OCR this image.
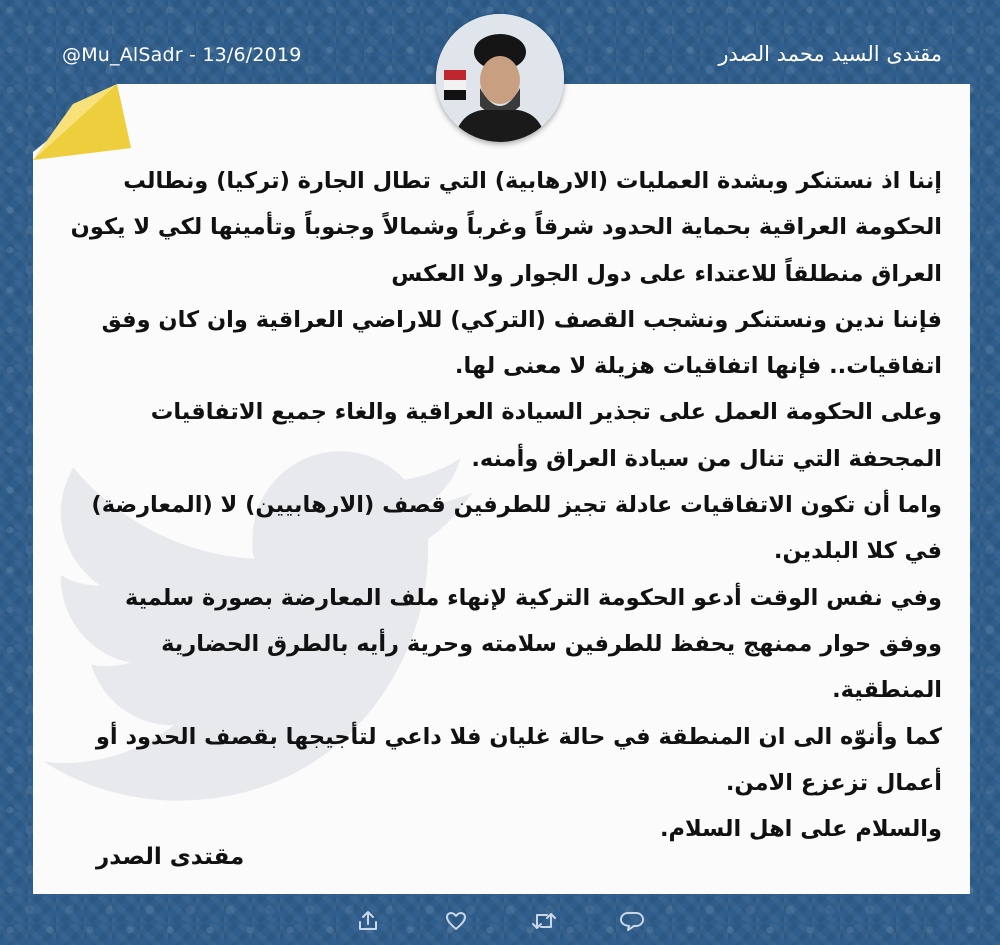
@Mu_AlSadr - 13/6/2019	مقتدى السيد محمد الصدر

إننا اذ نستنكر وبشدة العمليات (الارهابية) التي تطال الجارة (تركيا) ونطالب الحكومة العراقية بحماية الحدود شرقاً وغرباً وشمالاً وجنوباً وتأمينها لكي لا يكون العراق منطلقاً للاعتداء على دول الجوار ولا العكس

فإننا ندين ونستنكر ونشجب القصف (التركي) للاراضي العراقية وان كان وفق اتفاقيات.. فإنها اتفاقيات هزيلة لا معنى لها.

وعلى الحكومة العمل على تجذير السيادة العراقية والغاء جميع الاتفاقيات المجحفة التي تنال من سيادة العراق وأمنه.

واما أن تكون الاتفاقيات عادلة تجيز للطرفين قصف (الارهابيين) لا (المعارضة) في كلا البلدين.

وفي نفس الوقت أدعو الحكومة التركية لإنهاء ملف المعارضة بصورة سلمية ووفق حوار ممنهج يحفظ للطرفين سلامته وحرية رأيه بالطرق الحضارية المنطقية.

كما وأنوّه الى ان المنطقة في حالة غليان فلا داعي لتأجيجها بقصف الحدود أو أعمال تزعزع الامن.

والسلام على اهل السلام.

مقتدى الصدر
